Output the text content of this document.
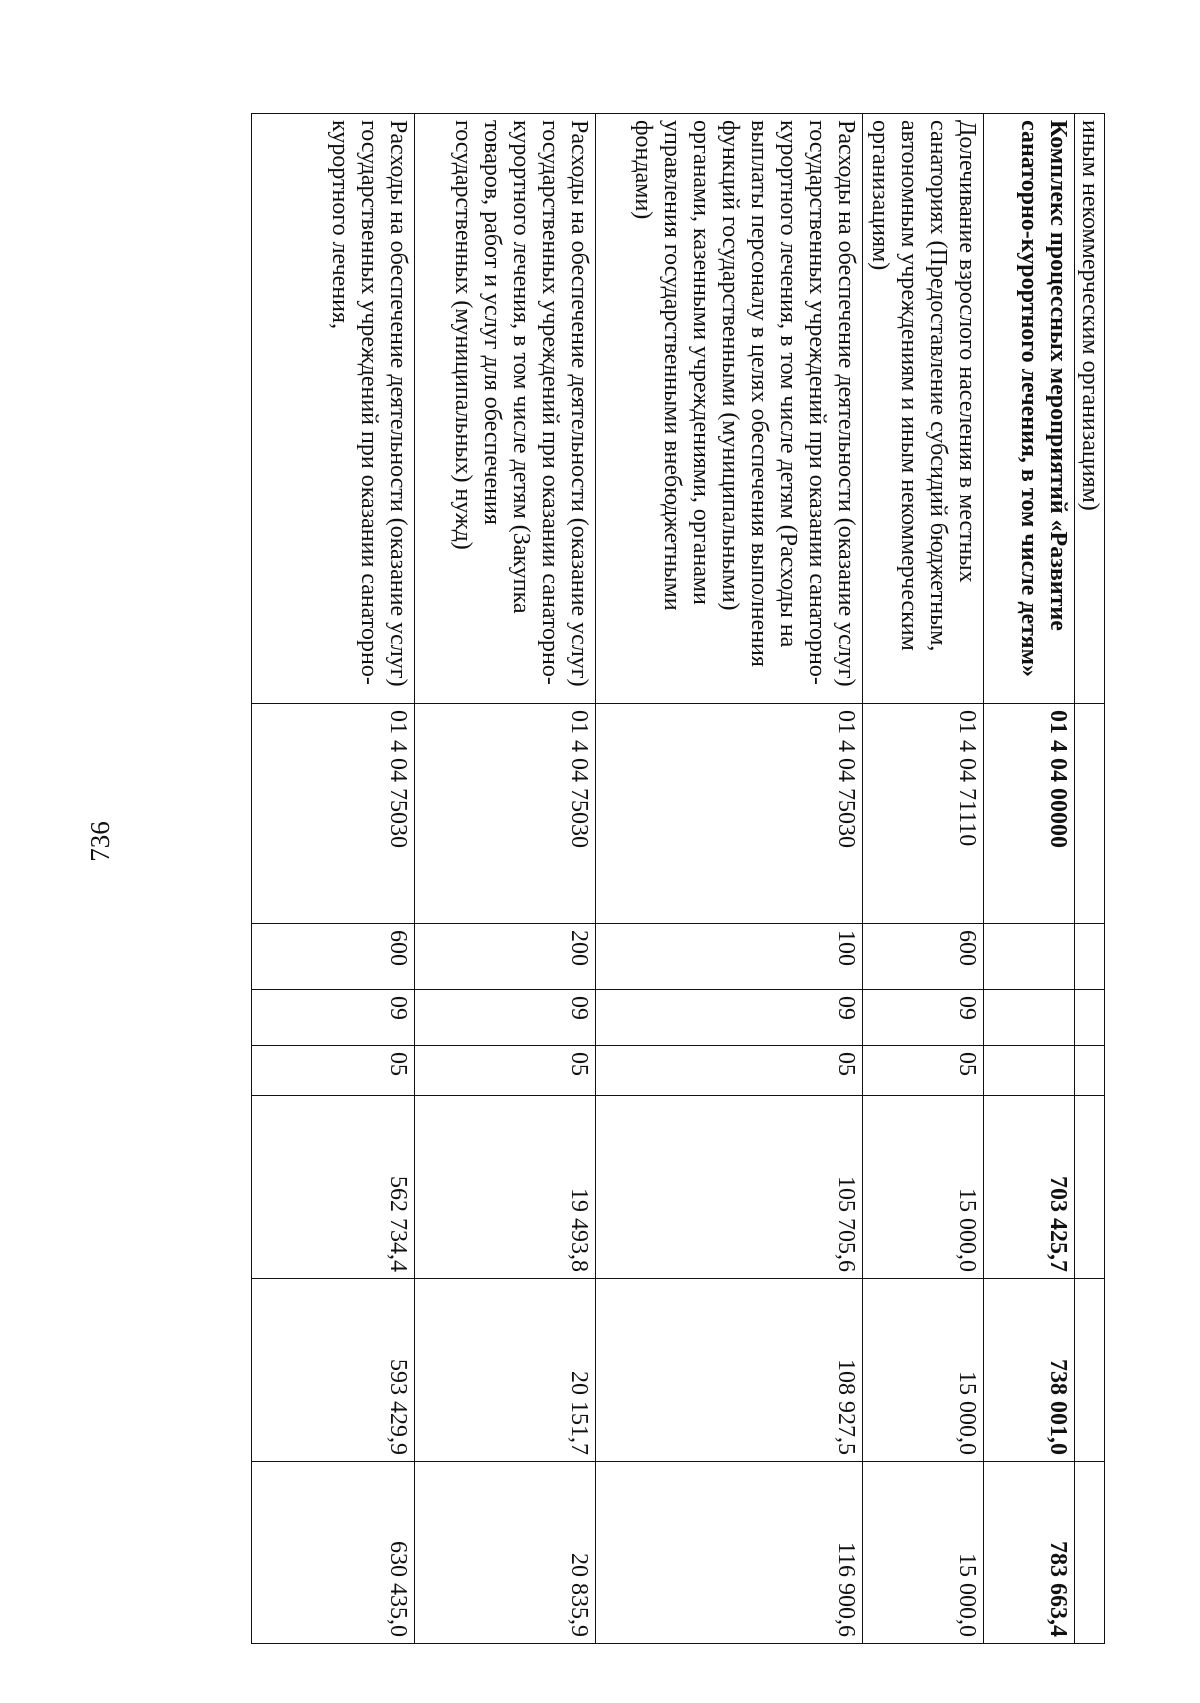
736
иным некоммерческим организациям)							
Комплекс процессных мероприятий «Развитие санаторно-курортного лечения, в том числе детям»	01 4 04 00000				703 425,7	738 001,0	783 663,4
Долечивание взрослого населения в местных санаториях (Предоставление субсидий бюджетным, автономным учреждениям и иным некоммерческим организациям)	01 4 04 71110	600	09	05	15 000,0	15 000,0	15 000,0
Расходы на обеспечение деятельности (оказание услуг) государственных учреждений при оказании санаторно-курортного лечения, в том числе детям (Расходы на выплаты персоналу в целях обеспечения выполнения функций государственными (муниципальными) органами, казенными учреждениями, органами управления государственными внебюджетными фондами)	01 4 04 75030	100	09	05	105 705,6	108 927,5	116 900,6
Расходы на обеспечение деятельности (оказание услуг) государственных учреждений при оказании санаторно-курортного лечения, в том числе детям (Закупка товаров, работ и услуг для обеспечения государственных (муниципальных) нужд)	01 4 04 75030	200	09	05	19 493,8	20 151,7	20 835,9
Расходы на обеспечение деятельности (оказание услуг) государственных учреждений при оказании санаторно-курортного лечения,	01 4 04 75030	600	09	05	562 734,4	593 429,9	630 435,0
